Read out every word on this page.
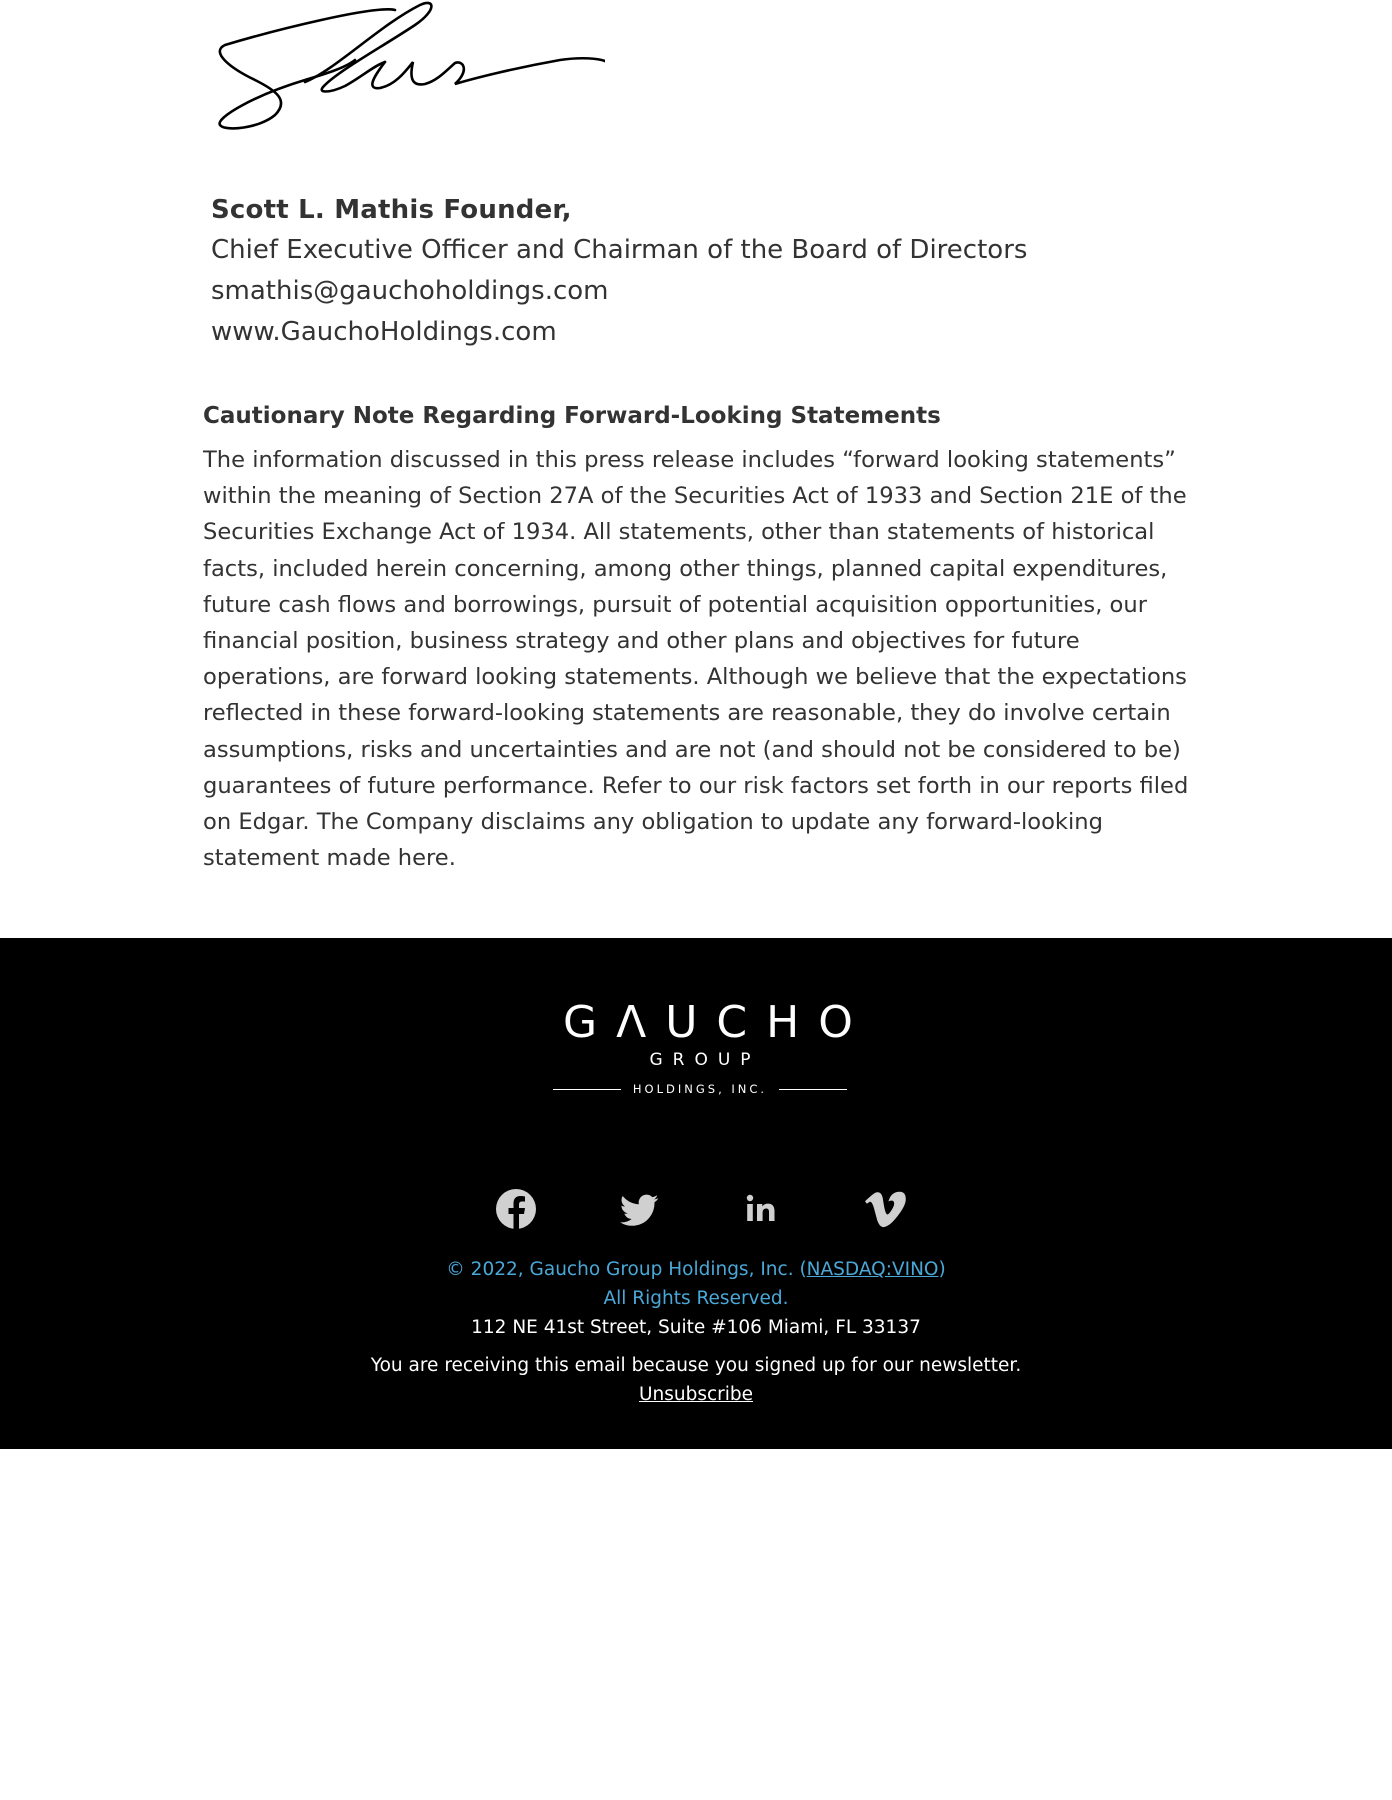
Scott L. Mathis Founder,
Chief Executive Officer and Chairman of the Board of Directors
smathis@gauchoholdings.com
www.GauchoHoldings.com
Cautionary Note Regarding Forward-Looking Statements
The information discussed in this press release includes “forward looking statements” within the meaning of Section 27A of the Securities Act of 1933 and Section 21E of the Securities Exchange Act of 1934. All statements, other than statements of historical facts, included herein concerning, among other things, planned capital expenditures, future cash flows and borrowings, pursuit of potential acquisition opportunities, our financial position, business strategy and other plans and objectives for future operations, are forward looking statements. Although we believe that the expectations reflected in these forward-looking statements are reasonable, they do involve certain assumptions, risks and uncertainties and are not (and should not be considered to be) guarantees of future performance. Refer to our risk factors set forth in our reports filed on Edgar. The Company disclaims any obligation to update any forward-looking statement made here.
GΛUCHO
GROUP
HOLDINGS, INC.
© 2022, Gaucho Group Holdings, Inc. (NASDAQ:VINO)
All Rights Reserved.
112 NE 41st Street, Suite #106 Miami, FL 33137
You are receiving this email because you signed up for our newsletter.
Unsubscribe
